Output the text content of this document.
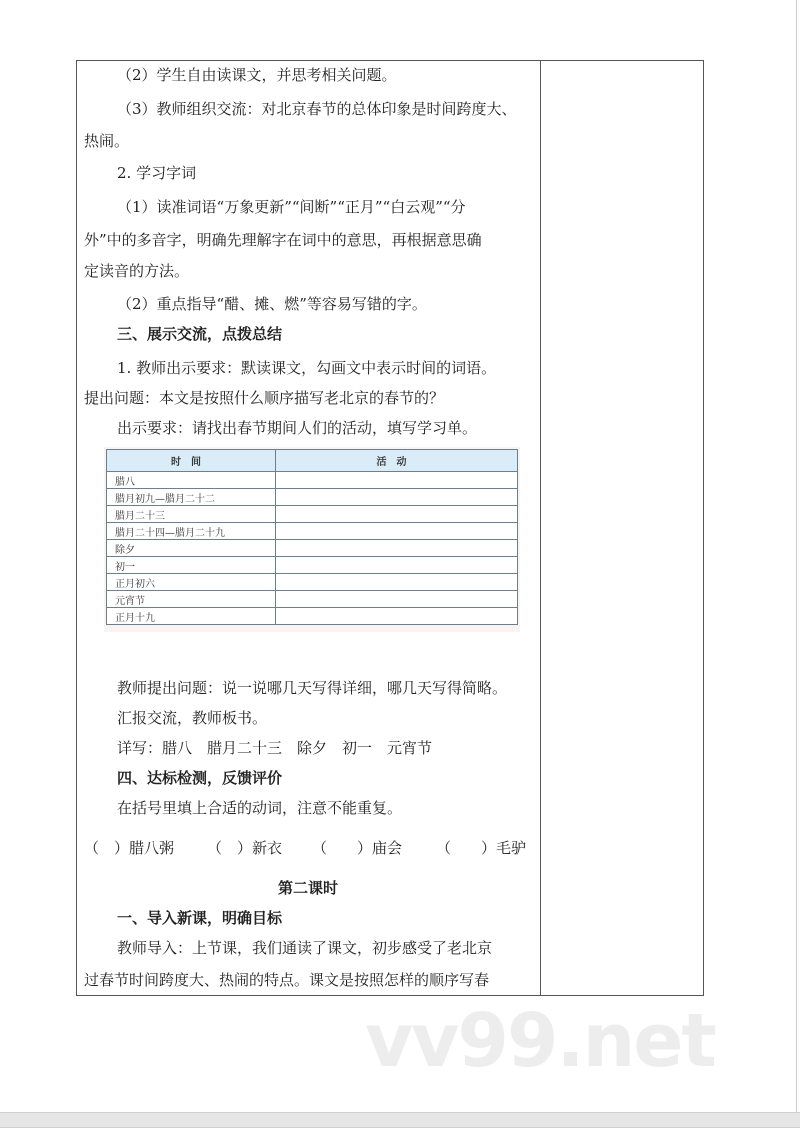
（2）学生自由读课文，并思考相关问题。
（3）教师组织交流：对北京春节的总体印象是时间跨度大、
热闹。
2. 学习字词
（1）读准词语“万象更新”“间断”“正月”“白云观”“分
外”中的多音字，明确先理解字在词中的意思，再根据意思确
定读音的方法。
（2）重点指导“醋、摊、燃”等容易写错的字。
三、展示交流，点拨总结
1. 教师出示要求：默读课文，勾画文中表示时间的词语。
提出问题：本文是按照什么顺序描写老北京的春节的？
出示要求：请找出春节期间人们的活动，填写学习单。
时间	活动
腊八	
腊月初九—腊月二十二	
腊月二十三	
腊月二十四—腊月二十九	
除夕	
初一	
正月初六	
元宵节	
正月十九	
教师提出问题：说一说哪几天写得详细，哪几天写得简略。
汇报交流，教师板书。
详写：腊八　腊月二十三　除夕　初一　元宵节
四、达标检测，反馈评价
在括号里填上合适的动词，注意不能重复。
（　）腊八粥 （　）新衣 （　　）庙会 （　　）毛驴
第二课时
一、导入新课，明确目标
教师导入：上节课，我们通读了课文，初步感受了老北京
过春节时间跨度大、热闹的特点。课文是按照怎样的顺序写春
vv99.net
